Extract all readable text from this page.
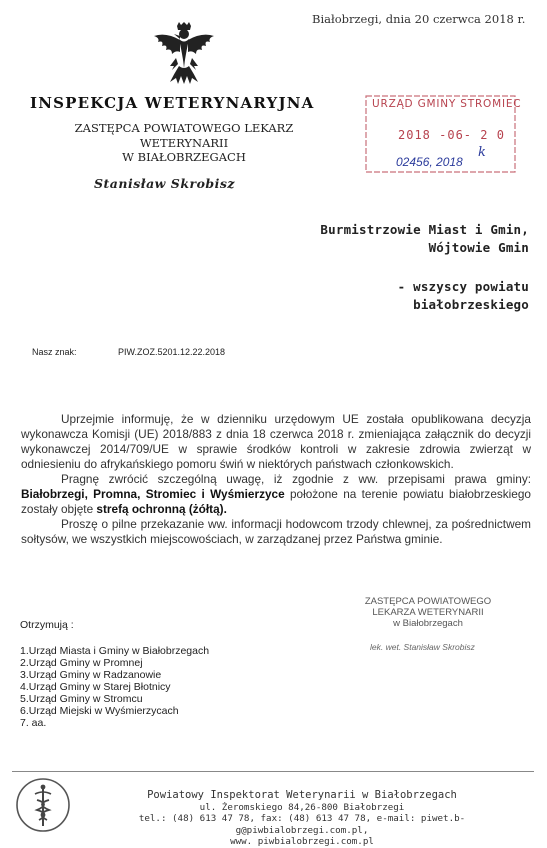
Białobrzegi, dnia 20 czerwca 2018 r.
INSPEKCJA WETERYNARYJNA
ZASTĘPCA POWIATOWEGO LEKARZ
WETERYNARII
W BIAŁOBRZEGACH
Stanisław Skrobisz
URZĄD GMINY STROMIEC
2018 -06- 2 0
02456, 2018
k
Burmistrzowie Miast i Gmin,
Wójtowie Gmin
- wszyscy powiatu
białobrzeskiego
Nasz znak:	PIW.ZOZ.5201.12.22.2018

Uprzejmie informuję, że w dzienniku urzędowym UE została opublikowana decyzja wykonawcza Komisji (UE) 2018/883 z dnia 18 czerwca 2018 r. zmieniająca załącznik do decyzji wykonawczej 2014/709/UE w sprawie środków kontroli w zakresie zdrowia zwierząt w odniesieniu do afrykańskiego pomoru świń w niektórych państwach członkowskich.

Pragnę zwrócić szczególną uwagę, iż zgodnie z ww. przepisami prawa gminy: Białobrzegi, Promna, Stromiec i Wyśmierzyce położone na terenie powiatu białobrzeskiego zostały objęte strefą ochronną (żółtą).

Proszę o pilne przekazanie ww. informacji hodowcom trzody chlewnej, za pośrednictwem sołtysów, we wszystkich miejscowościach, w zarządzanej przez Państwa gminie.

ZASTĘPCA POWIATOWEGO
LEKARZA WETERYNARII
w Białobrzegach
lek. wet. Stanisław Skrobisz
Otrzymują :
1.Urząd Miasta i Gminy w Białobrzegach
2.Urząd Gminy w Promnej
3.Urząd Gminy w Radzanowie
4.Urząd Gminy w Starej Błotnicy
5.Urząd Gminy w Stromcu
6.Urząd Miejski w Wyśmierzycach
7. aa.
Powiatowy Inspektorat Weterynarii w Białobrzegach
ul. Żeromskiego 84,26-800 Białobrzegi
tel.: (48) 613 47 78, fax: (48) 613 47 78, e-mail: piwet.b-g@piwbialobrzegi.com.pl,
www. piwbialobrzegi.com.pl
